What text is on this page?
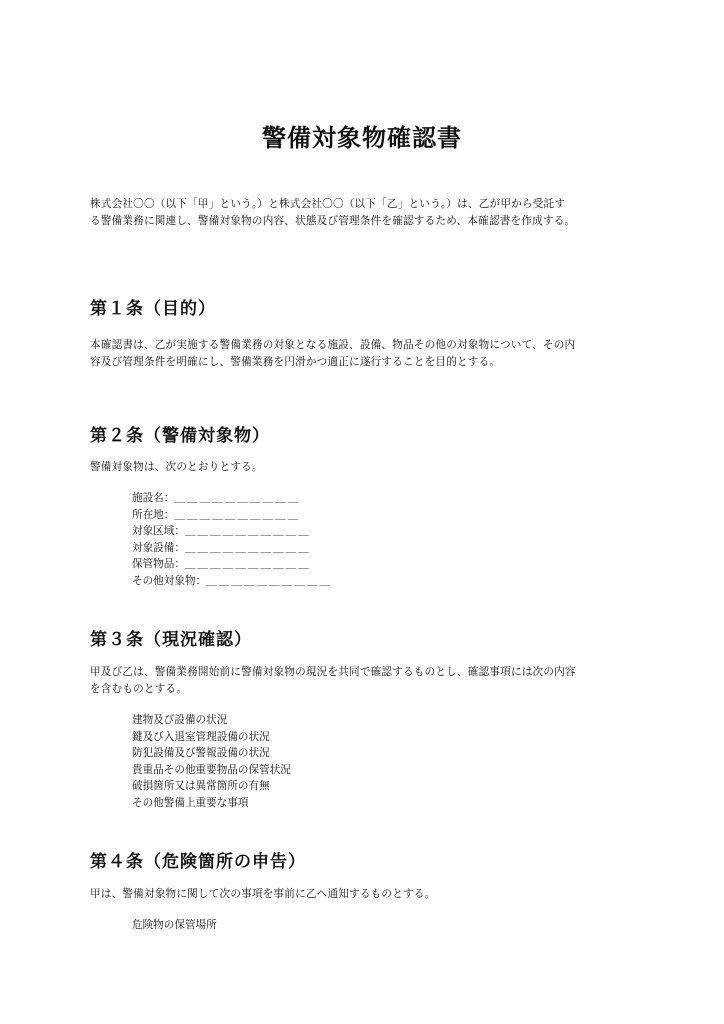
警備対象物確認書
株式会社〇〇（以下「甲」という。）と株式会社〇〇（以下「乙」という。）は、乙が甲から受託す
る警備業務に関連し、警備対象物の内容、状態及び管理条件を確認するため、本確認書を作成する。
第１条（目的）
本確認書は、乙が実施する警備業務の対象となる施設、設備、物品その他の対象物について、その内
容及び管理条件を明確にし、警備業務を円滑かつ適正に遂行することを目的とする。
第２条（警備対象物）
警備対象物は、次のとおりとする。
施設名：＿＿＿＿＿＿＿＿＿＿
所在地：＿＿＿＿＿＿＿＿＿＿
対象区域：＿＿＿＿＿＿＿＿＿＿
対象設備：＿＿＿＿＿＿＿＿＿＿
保管物品：＿＿＿＿＿＿＿＿＿＿
その他対象物：＿＿＿＿＿＿＿＿＿＿
第３条（現況確認）
甲及び乙は、警備業務開始前に警備対象物の現況を共同で確認するものとし、確認事項には次の内容
を含むものとする。
建物及び設備の状況
鍵及び入退室管理設備の状況
防犯設備及び警報設備の状況
貴重品その他重要物品の保管状況
破損箇所又は異常箇所の有無
その他警備上重要な事項
第４条（危険箇所の申告）
甲は、警備対象物に関して次の事項を事前に乙へ通知するものとする。
危険物の保管場所
